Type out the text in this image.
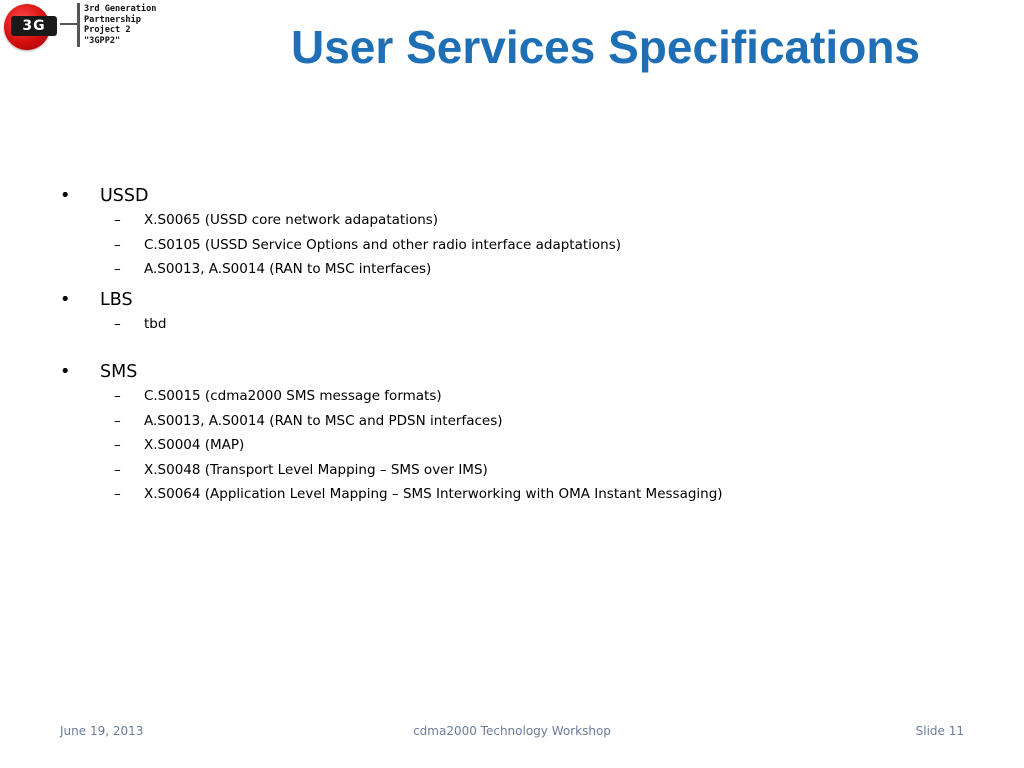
3G
3rd Generation
Partnership
Project 2
"3GPP2"	User Services Specifications
• USSD
– X.S0065 (USSD core network adapatations)
– C.S0105 (USSD Service Options and other radio interface adaptations)
– A.S0013, A.S0014 (RAN to MSC interfaces)
• LBS
– tbd
• SMS
– C.S0015 (cdma2000 SMS message formats)
– A.S0013, A.S0014 (RAN to MSC and PDSN interfaces)
– X.S0004 (MAP)
– X.S0048 (Transport Level Mapping – SMS over IMS)
– X.S0064 (Application Level Mapping – SMS Interworking with OMA Instant Messaging)
June 19, 2013	cdma2000 Technology Workshop	Slide 11
